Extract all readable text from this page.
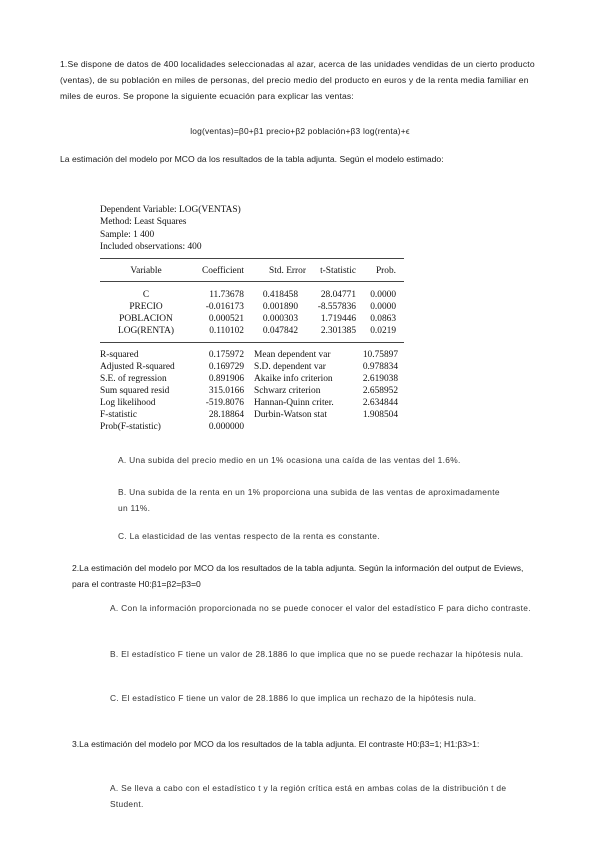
1.Se dispone de datos de 400 localidades seleccionadas al azar, acerca de las unidades vendidas de un cierto producto (ventas), de su población en miles de personas, del precio medio del producto en euros y de la renta media familiar en miles de euros. Se propone la siguiente ecuación para explicar las ventas:

log(ventas)=β0+β1 precio+β2 población+β3 log(renta)+ϵ

La estimación del modelo por MCO da los resultados de la tabla adjunta. Según el modelo estimado:

Dependent Variable: LOG(VENTAS)
Method: Least Squares
Sample: 1 400
Included observations: 400
Variable	Coefficient	Std. Error	t-Statistic	Prob.
C	11.73678	0.418458	28.04771	0.0000
PRECIO	-0.016173	0.001890	-8.557836	0.0000
POBLACION	0.000521	0.000303	1.719446	0.0863
LOG(RENTA)	0.110102	0.047842	2.301385	0.0219
R-squared	0.175972 Mean dependent var	10.75897
Adjusted R-squared	0.169729 S.D. dependent var	0.978834
S.E. of regression	0.891906 Akaike info criterion	2.619038
Sum squared resid	315.0166 Schwarz criterion	2.658952
Log likelihood	-519.8076 Hannan-Quinn criter.	2.634844
F-statistic	28.18864 Durbin-Watson stat	1.908504
Prob(F-statistic)	0.000000
A. Una subida del precio medio en un 1% ocasiona una caída de las ventas del 1.6%.
B. Una subida de la renta en un 1% proporciona una subida de las ventas de aproximadamente un 11%.
C. La elasticidad de las ventas respecto de la renta es constante.
2.La estimación del modelo por MCO da los resultados de la tabla adjunta. Según la información del output de Eviews, para el contraste H0:β1=β2=β3=0
A. Con la información proporcionada no se puede conocer el valor del estadístico F para dicho contraste.
B. El estadístico F tiene un valor de 28.1886 lo que implica que no se puede rechazar la hipótesis nula.
C. El estadístico F tiene un valor de 28.1886 lo que implica un rechazo de la hipótesis nula.
3.La estimación del modelo por MCO da los resultados de la tabla adjunta. El contraste H0:β3=1; H1:β3>1:
A. Se lleva a cabo con el estadístico t y la región crítica está en ambas colas de la distribución t de Student.
